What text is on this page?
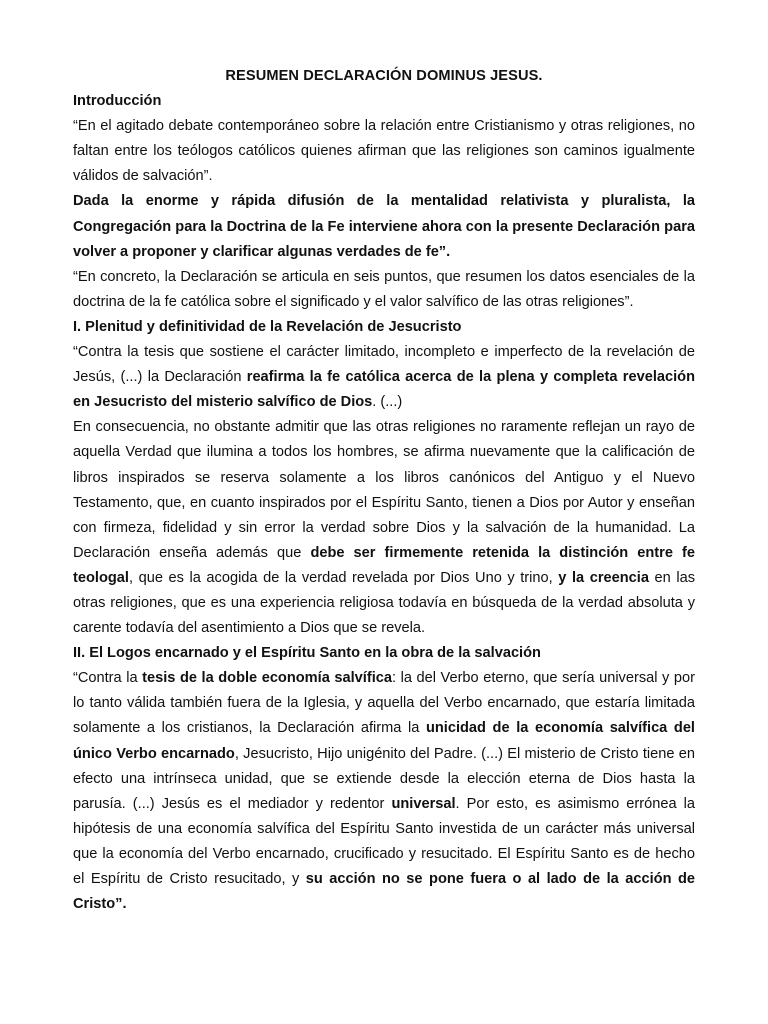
RESUMEN DECLARACIÓN DOMINUS JESUS.

Introducción

“En el agitado debate contemporáneo sobre la relación entre Cristianismo y otras religiones, no faltan entre los teólogos católicos quienes afirman que las religiones son caminos igualmente válidos de salvación”.

Dada la enorme y rápida difusión de la mentalidad relativista y pluralista, la Congregación para la Doctrina de la Fe interviene ahora con la presente Declaración para volver a proponer y clarificar algunas verdades de fe”.

“En concreto, la Declaración se articula en seis puntos, que resumen los datos esenciales de la doctrina de la fe católica sobre el significado y el valor salvífico de las otras religiones”.

I. Plenitud y definitividad de la Revelación de Jesucristo

“Contra la tesis que sostiene el carácter limitado, incompleto e imperfecto de la revelación de Jesús, (...) la Declaración reafirma la fe católica acerca de la plena y completa revelación en Jesucristo del misterio salvífico de Dios. (...)

En consecuencia, no obstante admitir que las otras religiones no raramente reflejan un rayo de aquella Verdad que ilumina a todos los hombres, se afirma nuevamente que la calificación de libros inspirados se reserva solamente a los libros canónicos del Antiguo y el Nuevo Testamento, que, en cuanto inspirados por el Espíritu Santo, tienen a Dios por Autor y enseñan con firmeza, fidelidad y sin error la verdad sobre Dios y la salvación de la humanidad. La Declaración enseña además que debe ser firmemente retenida la distinción entre fe teologal, que es la acogida de la verdad revelada por Dios Uno y trino, y la creencia en las otras religiones, que es una experiencia religiosa todavía en búsqueda de la verdad absoluta y carente todavía del asentimiento a Dios que se revela.

II. El Logos encarnado y el Espíritu Santo en la obra de la salvación

“Contra la tesis de la doble economía salvífica: la del Verbo eterno, que sería universal y por lo tanto válida también fuera de la Iglesia, y aquella del Verbo encarnado, que estaría limitada solamente a los cristianos, la Declaración afirma la unicidad de la economía salvífica del único Verbo encarnado, Jesucristo, Hijo unigénito del Padre. (...) El misterio de Cristo tiene en efecto una intrínseca unidad, que se extiende desde la elección eterna de Dios hasta la parusía. (...) Jesús es el mediador y redentor universal. Por esto, es asimismo errónea la hipótesis de una economía salvífica del Espíritu Santo investida de un carácter más universal que la economía del Verbo encarnado, crucificado y resucitado. El Espíritu Santo es de hecho el Espíritu de Cristo resucitado, y su acción no se pone fuera o al lado de la acción de Cristo”.
